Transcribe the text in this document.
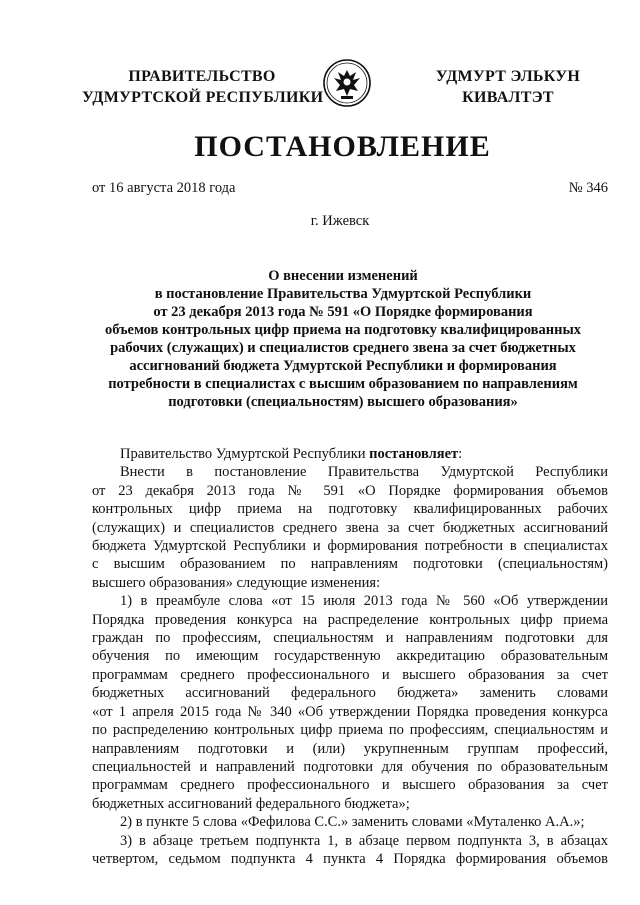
ПРАВИТЕЛЬСТВО
УДМУРТСКОЙ РЕСПУБЛИКИ
УДМУРТ ЭЛЬКУН
КИВАЛТЭТ
ПОСТАНОВЛЕНИЕ
от 16 августа 2018 года	№ 346
г. Ижевск
О внесении изменений
в постановление Правительства Удмуртской Республики
от 23 декабря 2013 года № 591 «О Порядке формирования
объемов контрольных цифр приема на подготовку квалифицированных
рабочих (служащих) и специалистов среднего звена за счет бюджетных
ассигнований бюджета Удмуртской Республики и формирования
потребности в специалистах с высшим образованием по направлениям
подготовки (специальностям) высшего образования»

Правительство Удмуртской Республики постановляет:

Внести в постановление Правительства Удмуртской Республики
от 23 декабря 2013 года № 591 «О Порядке формирования объемов
контрольных цифр приема на подготовку квалифицированных рабочих
(служащих) и специалистов среднего звена за счет бюджетных ассигнований
бюджета Удмуртской Республики и формирования потребности в специалистах
с высшим образованием по направлениям подготовки (специальностям)
высшего образования» следующие изменения:
1) в преамбуле слова «от 15 июля 2013 года № 560 «Об утверждении
Порядка проведения конкурса на распределение контрольных цифр приема
граждан по профессиям, специальностям и направлениям подготовки для
обучения по имеющим государственную аккредитацию образовательным
программам среднего профессионального и высшего образования за счет
бюджетных ассигнований федерального бюджета» заменить словами
«от 1 апреля 2015 года № 340 «Об утверждении Порядка проведения конкурса
по распределению контрольных цифр приема по профессиям, специальностям и
направлениям подготовки и (или) укрупненным группам профессий,
специальностей и направлений подготовки для обучения по образовательным
программам среднего профессионального и высшего образования за счет
бюджетных ассигнований федерального бюджета»;
2) в пункте 5 слова «Фефилова С.С.» заменить словами «Муталенко А.А.»;
3) в абзаце третьем подпункта 1, в абзаце первом подпункта 3, в абзацах
четвертом, седьмом подпункта 4 пункта 4 Порядка формирования объемов
